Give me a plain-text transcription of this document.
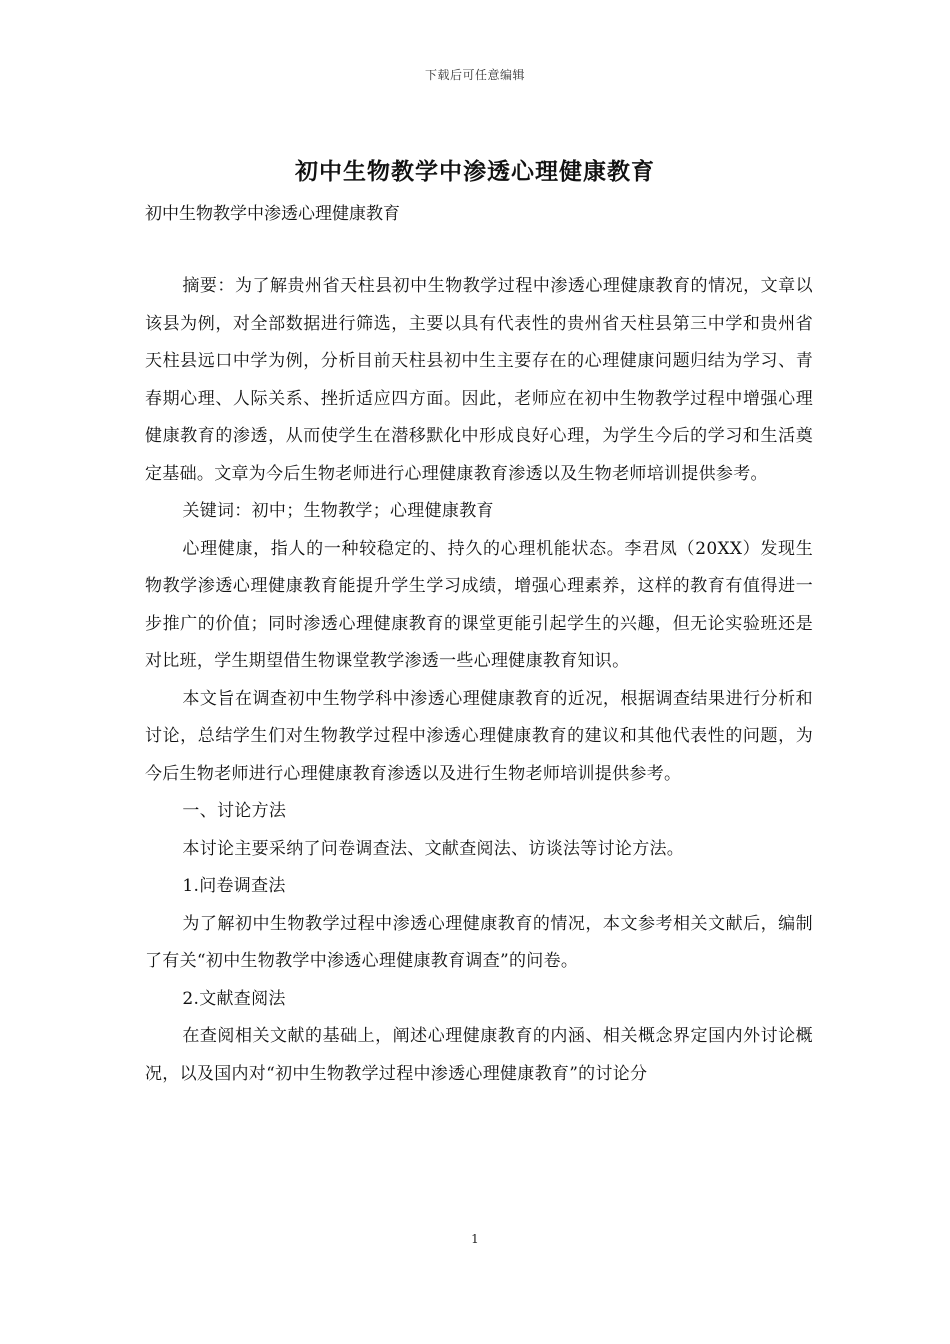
下载后可任意编辑
初中生物教学中渗透心理健康教育

初中生物教学中渗透心理健康教育

摘要：为了解贵州省天柱县初中生物教学过程中渗透心理健康教育的情况，文章以该县为例，对全部数据进行筛选，主要以具有代表性的贵州省天柱县第三中学和贵州省天柱县远口中学为例，分析目前天柱县初中生主要存在的心理健康问题归结为学习、青春期心理、人际关系、挫折适应四方面。因此，老师应在初中生物教学过程中增强心理健康教育的渗透，从而使学生在潜移默化中形成良好心理，为学生今后的学习和生活奠定基础。文章为今后生物老师进行心理健康教育渗透以及生物老师培训提供参考。

关键词：初中；生物教学；心理健康教育

心理健康，指人的一种较稳定的、持久的心理机能状态。李君凤（20XX）发现生物教学渗透心理健康教育能提升学生学习成绩，增强心理素养，这样的教育有值得进一步推广的价值；同时渗透心理健康教育的课堂更能引起学生的兴趣，但无论实验班还是对比班，学生期望借生物课堂教学渗透一些心理健康教育知识。

本文旨在调查初中生物学科中渗透心理健康教育的近况，根据调查结果进行分析和讨论，总结学生们对生物教学过程中渗透心理健康教育的建议和其他代表性的问题，为今后生物老师进行心理健康教育渗透以及进行生物老师培训提供参考。

一、讨论方法

本讨论主要采纳了问卷调查法、文献查阅法、访谈法等讨论方法。

1.问卷调查法

为了解初中生物教学过程中渗透心理健康教育的情况，本文参考相关文献后，编制了有关“初中生物教学中渗透心理健康教育调查”的问卷。

2.文献查阅法

在查阅相关文献的基础上，阐述心理健康教育的内涵、相关概念界定国内外讨论概况，以及国内对“初中生物教学过程中渗透心理健康教育”的讨论分

1
